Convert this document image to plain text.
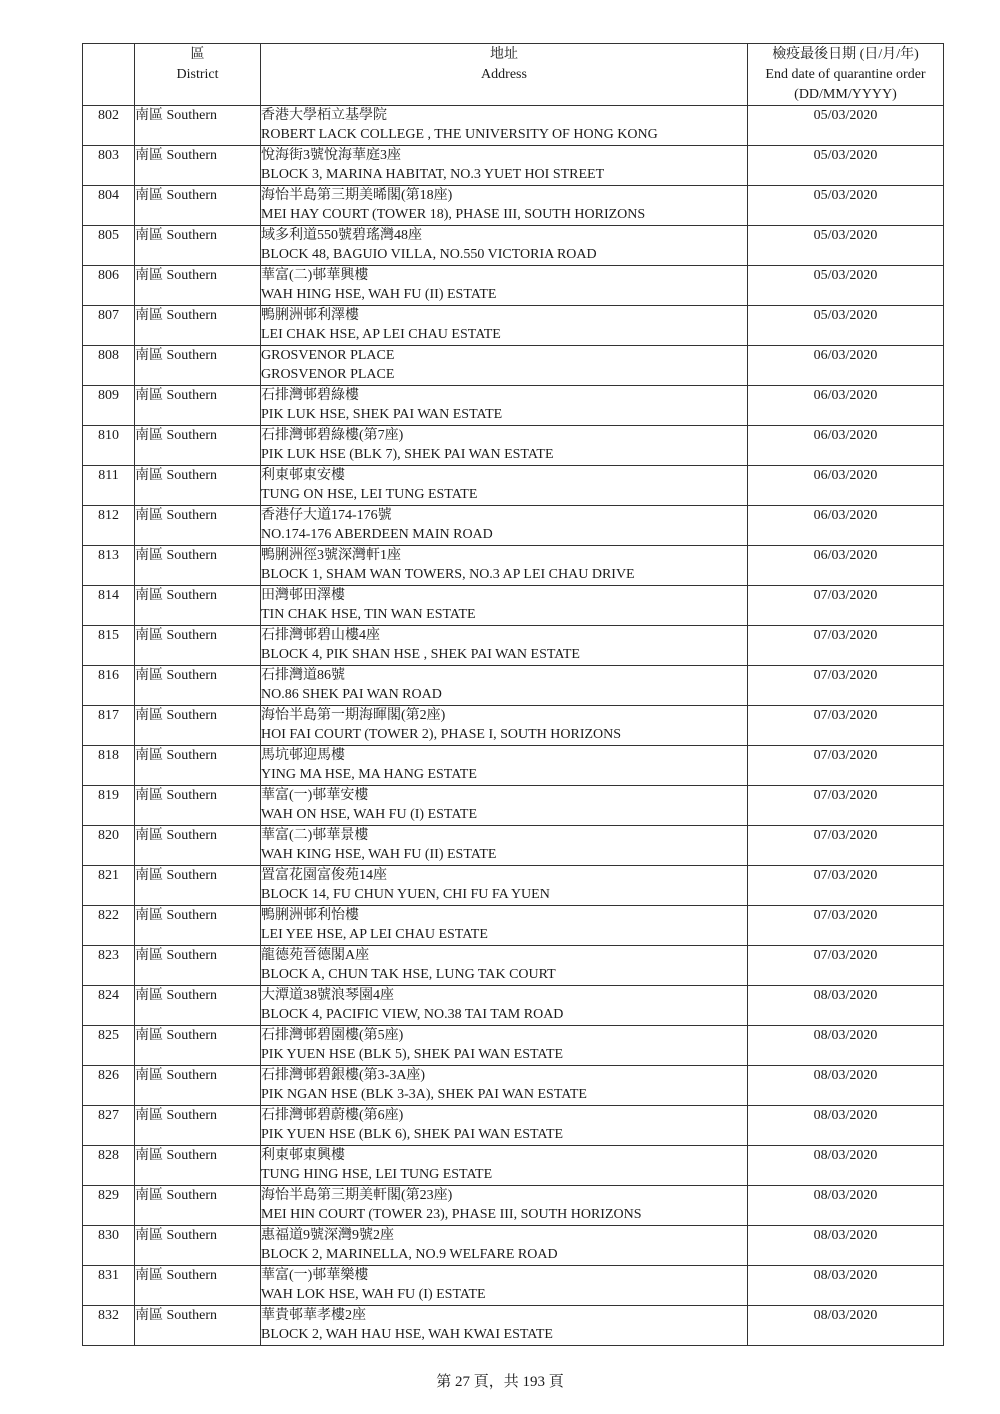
	區
District	地址
Address	檢疫最後日期 (日/月/年)
End date of quarantine order
(DD/MM/YYYY)

802	南區 Southern	香港大學栢立基學院
ROBERT LACK COLLEGE , THE UNIVERSITY OF HONG KONG	05/03/2020
803	南區 Southern	悅海街3號悅海華庭3座
BLOCK 3, MARINA HABITAT, NO.3 YUET HOI STREET	05/03/2020
804	南區 Southern	海怡半島第三期美晞閣(第18座)
MEI HAY COURT (TOWER 18), PHASE III, SOUTH HORIZONS	05/03/2020
805	南區 Southern	域多利道550號碧瑤灣48座
BLOCK 48, BAGUIO VILLA, NO.550 VICTORIA ROAD	05/03/2020
806	南區 Southern	華富(二)邨華興樓
WAH HING HSE, WAH FU (II) ESTATE	05/03/2020
807	南區 Southern	鴨脷洲邨利澤樓
LEI CHAK HSE, AP LEI CHAU ESTATE	05/03/2020
808	南區 Southern	GROSVENOR PLACE
GROSVENOR PLACE	06/03/2020
809	南區 Southern	石排灣邨碧綠樓
PIK LUK HSE, SHEK PAI WAN ESTATE	06/03/2020
810	南區 Southern	石排灣邨碧綠樓(第7座)
PIK LUK HSE (BLK 7), SHEK PAI WAN ESTATE	06/03/2020
811	南區 Southern	利東邨東安樓
TUNG ON HSE, LEI TUNG ESTATE	06/03/2020
812	南區 Southern	香港仔大道174-176號
NO.174-176 ABERDEEN MAIN ROAD	06/03/2020
813	南區 Southern	鴨脷洲徑3號深灣軒1座
BLOCK 1, SHAM WAN TOWERS, NO.3 AP LEI CHAU DRIVE	06/03/2020
814	南區 Southern	田灣邨田澤樓
TIN CHAK HSE, TIN WAN ESTATE	07/03/2020
815	南區 Southern	石排灣邨碧山樓4座
BLOCK 4, PIK SHAN HSE , SHEK PAI WAN ESTATE	07/03/2020
816	南區 Southern	石排灣道86號
NO.86 SHEK PAI WAN ROAD	07/03/2020
817	南區 Southern	海怡半島第一期海暉閣(第2座)
HOI FAI COURT (TOWER 2), PHASE I, SOUTH HORIZONS	07/03/2020
818	南區 Southern	馬坑邨迎馬樓
YING MA HSE, MA HANG ESTATE	07/03/2020
819	南區 Southern	華富(一)邨華安樓
WAH ON HSE, WAH FU (I) ESTATE	07/03/2020
820	南區 Southern	華富(二)邨華景樓
WAH KING HSE, WAH FU (II) ESTATE	07/03/2020
821	南區 Southern	置富花園富俊苑14座
BLOCK 14, FU CHUN YUEN, CHI FU FA YUEN	07/03/2020
822	南區 Southern	鴨脷洲邨利怡樓
LEI YEE HSE, AP LEI CHAU ESTATE	07/03/2020
823	南區 Southern	龍德苑晉德閣A座
BLOCK A, CHUN TAK HSE, LUNG TAK COURT	07/03/2020
824	南區 Southern	大潭道38號浪琴園4座
BLOCK 4, PACIFIC VIEW, NO.38 TAI TAM ROAD	08/03/2020
825	南區 Southern	石排灣邨碧園樓(第5座)
PIK YUEN HSE (BLK 5), SHEK PAI WAN ESTATE	08/03/2020
826	南區 Southern	石排灣邨碧銀樓(第3-3A座)
PIK NGAN HSE (BLK 3-3A), SHEK PAI WAN ESTATE	08/03/2020
827	南區 Southern	石排灣邨碧蔚樓(第6座)
PIK YUEN HSE (BLK 6), SHEK PAI WAN ESTATE	08/03/2020
828	南區 Southern	利東邨東興樓
TUNG HING HSE, LEI TUNG ESTATE	08/03/2020
829	南區 Southern	海怡半島第三期美軒閣(第23座)
MEI HIN COURT (TOWER 23), PHASE III, SOUTH HORIZONS	08/03/2020
830	南區 Southern	惠福道9號深灣9號2座
BLOCK 2, MARINELLA, NO.9 WELFARE ROAD	08/03/2020
831	南區 Southern	華富(一)邨華樂樓
WAH LOK HSE, WAH FU (I) ESTATE	08/03/2020
832	南區 Southern	華貴邨華孝樓2座
BLOCK 2, WAH HAU HSE, WAH KWAI ESTATE	08/03/2020
第 27 頁，共 193 頁
